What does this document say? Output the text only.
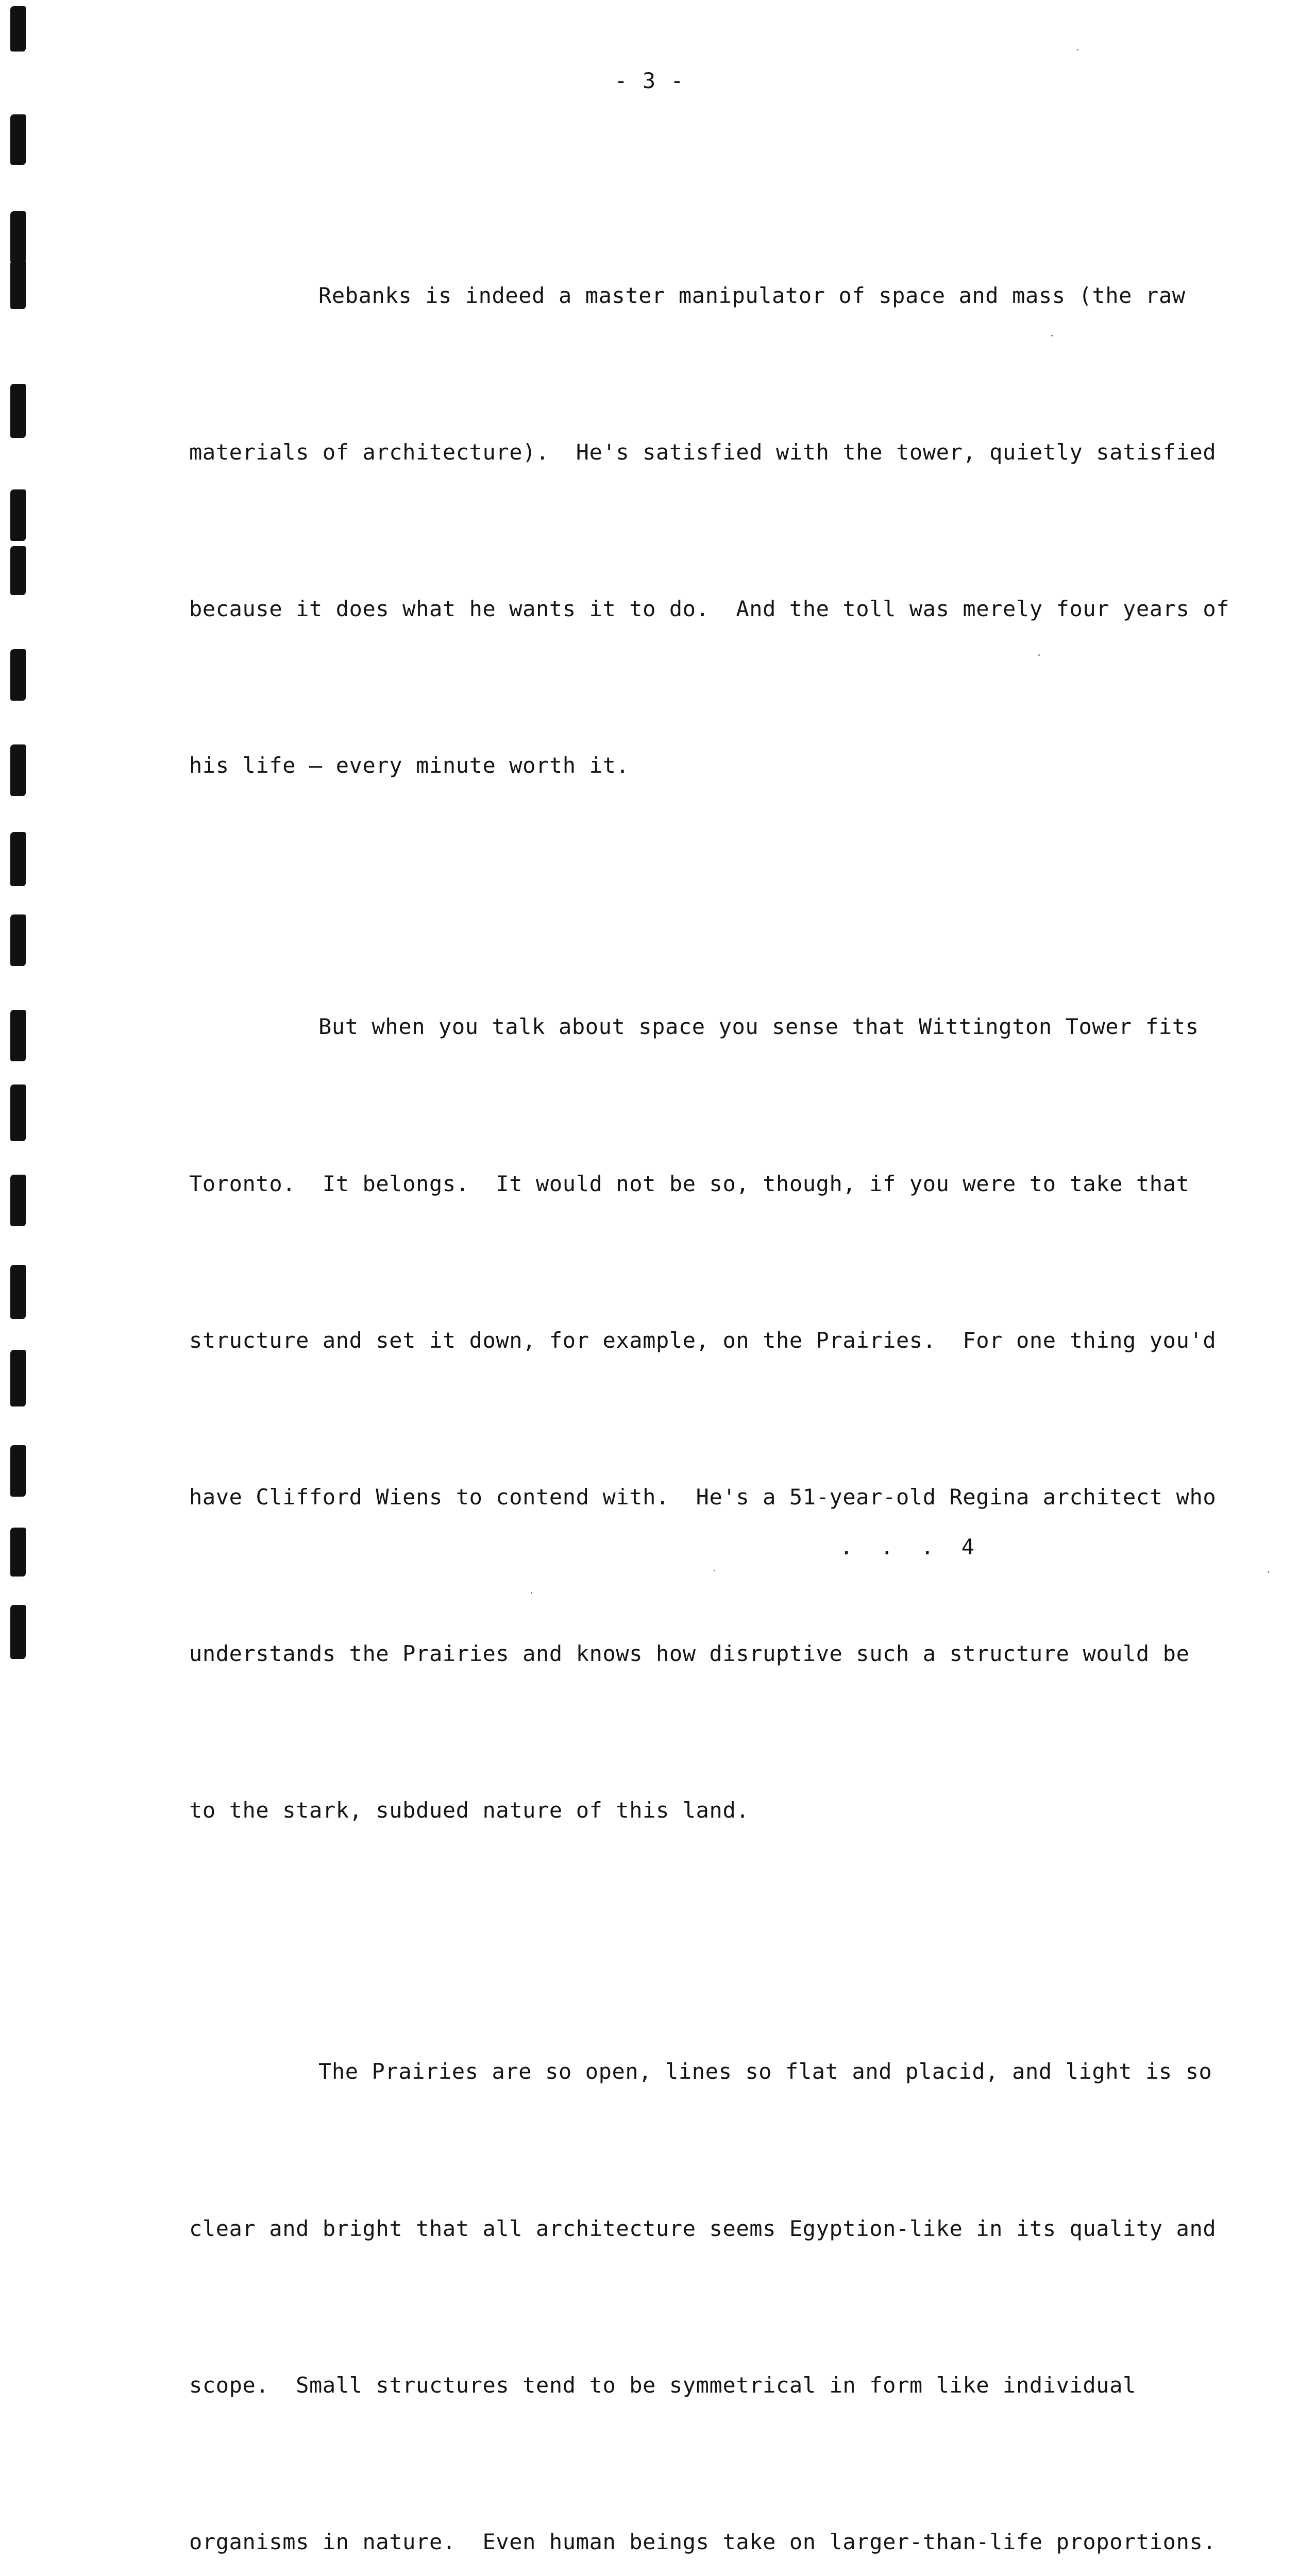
- 3 -

Rebanks is indeed a master manipulator of space and mass (the raw

materials of architecture).  He's satisfied with the tower, quietly satisfied

because it does what he wants it to do.  And the toll was merely four years of

his life — every minute worth it.

But when you talk about space you sense that Wittington Tower fits

Toronto.  It belongs.  It would not be so, though, if you were to take that

structure and set it down, for example, on the Prairies.  For one thing you'd

have Clifford Wiens to contend with.  He's a 51-year-old Regina architect who

understands the Prairies and knows how disruptive such a structure would be

to the stark, subdued nature of this land.

The Prairies are so open, lines so flat and placid, and light is so

clear and bright that all architecture seems Egyption-like in its quality and

scope.  Small structures tend to be symmetrical in form like individual

organisms in nature.  Even human beings take on larger-than-life proportions.

. . . 4
